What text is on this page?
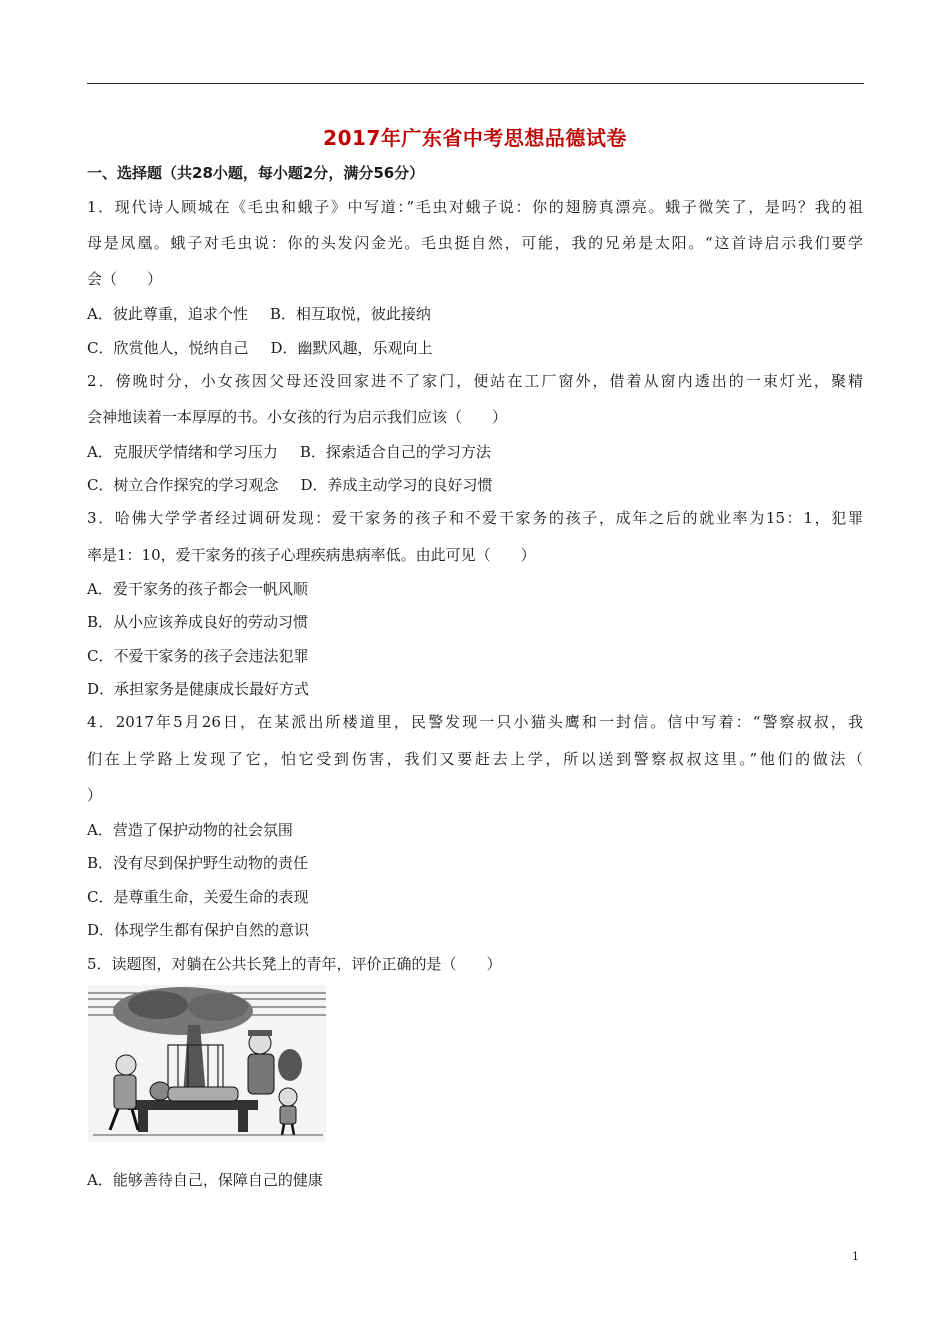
2017年广东省中考思想品德试卷
一、选择题（共28小题，每小题2分，满分56分）
1．现代诗人顾城在《毛虫和蛾子》中写道：”毛虫对蛾子说：你的翅膀真漂亮。蛾子微笑了，是吗？我的祖
母是凤凰。蛾子对毛虫说：你的头发闪金光。毛虫挺自然，可能，我的兄弟是太阳。“这首诗启示我们要学
会（　　）
A．彼此尊重，追求个性 B．相互取悦，彼此接纳
C．欣赏他人，悦纳自己 D．幽默风趣，乐观向上
2．傍晚时分，小女孩因父母还没回家进不了家门，便站在工厂窗外，借着从窗内透出的一束灯光，聚精
会神地读着一本厚厚的书。小女孩的行为启示我们应该（　　）
A．克服厌学情绪和学习压力 B．探索适合自己的学习方法
C．树立合作探究的学习观念 D．养成主动学习的良好习惯
3．哈佛大学学者经过调研发现：爱干家务的孩子和不爱干家务的孩子，成年之后的就业率为15：1，犯罪
率是1：10，爱干家务的孩子心理疾病患病率低。由此可见（　　）
A．爱干家务的孩子都会一帆风顺
B．从小应该养成良好的劳动习惯
C．不爱干家务的孩子会违法犯罪
D．承担家务是健康成长最好方式
4．2017年5月26日，在某派出所楼道里，民警发现一只小猫头鹰和一封信。信中写着：“警察叔叔，我
们在上学路上发现了它，怕它受到伤害，我们又要赶去上学，所以送到警察叔叔这里。”他们的做法（
）
A．营造了保护动物的社会氛围
B．没有尽到保护野生动物的责任
C．是尊重生命，关爱生命的表现
D．体现学生都有保护自然的意识
5．读题图，对躺在公共长凳上的青年，评价正确的是（　　）
A．能够善待自己，保障自己的健康
1
